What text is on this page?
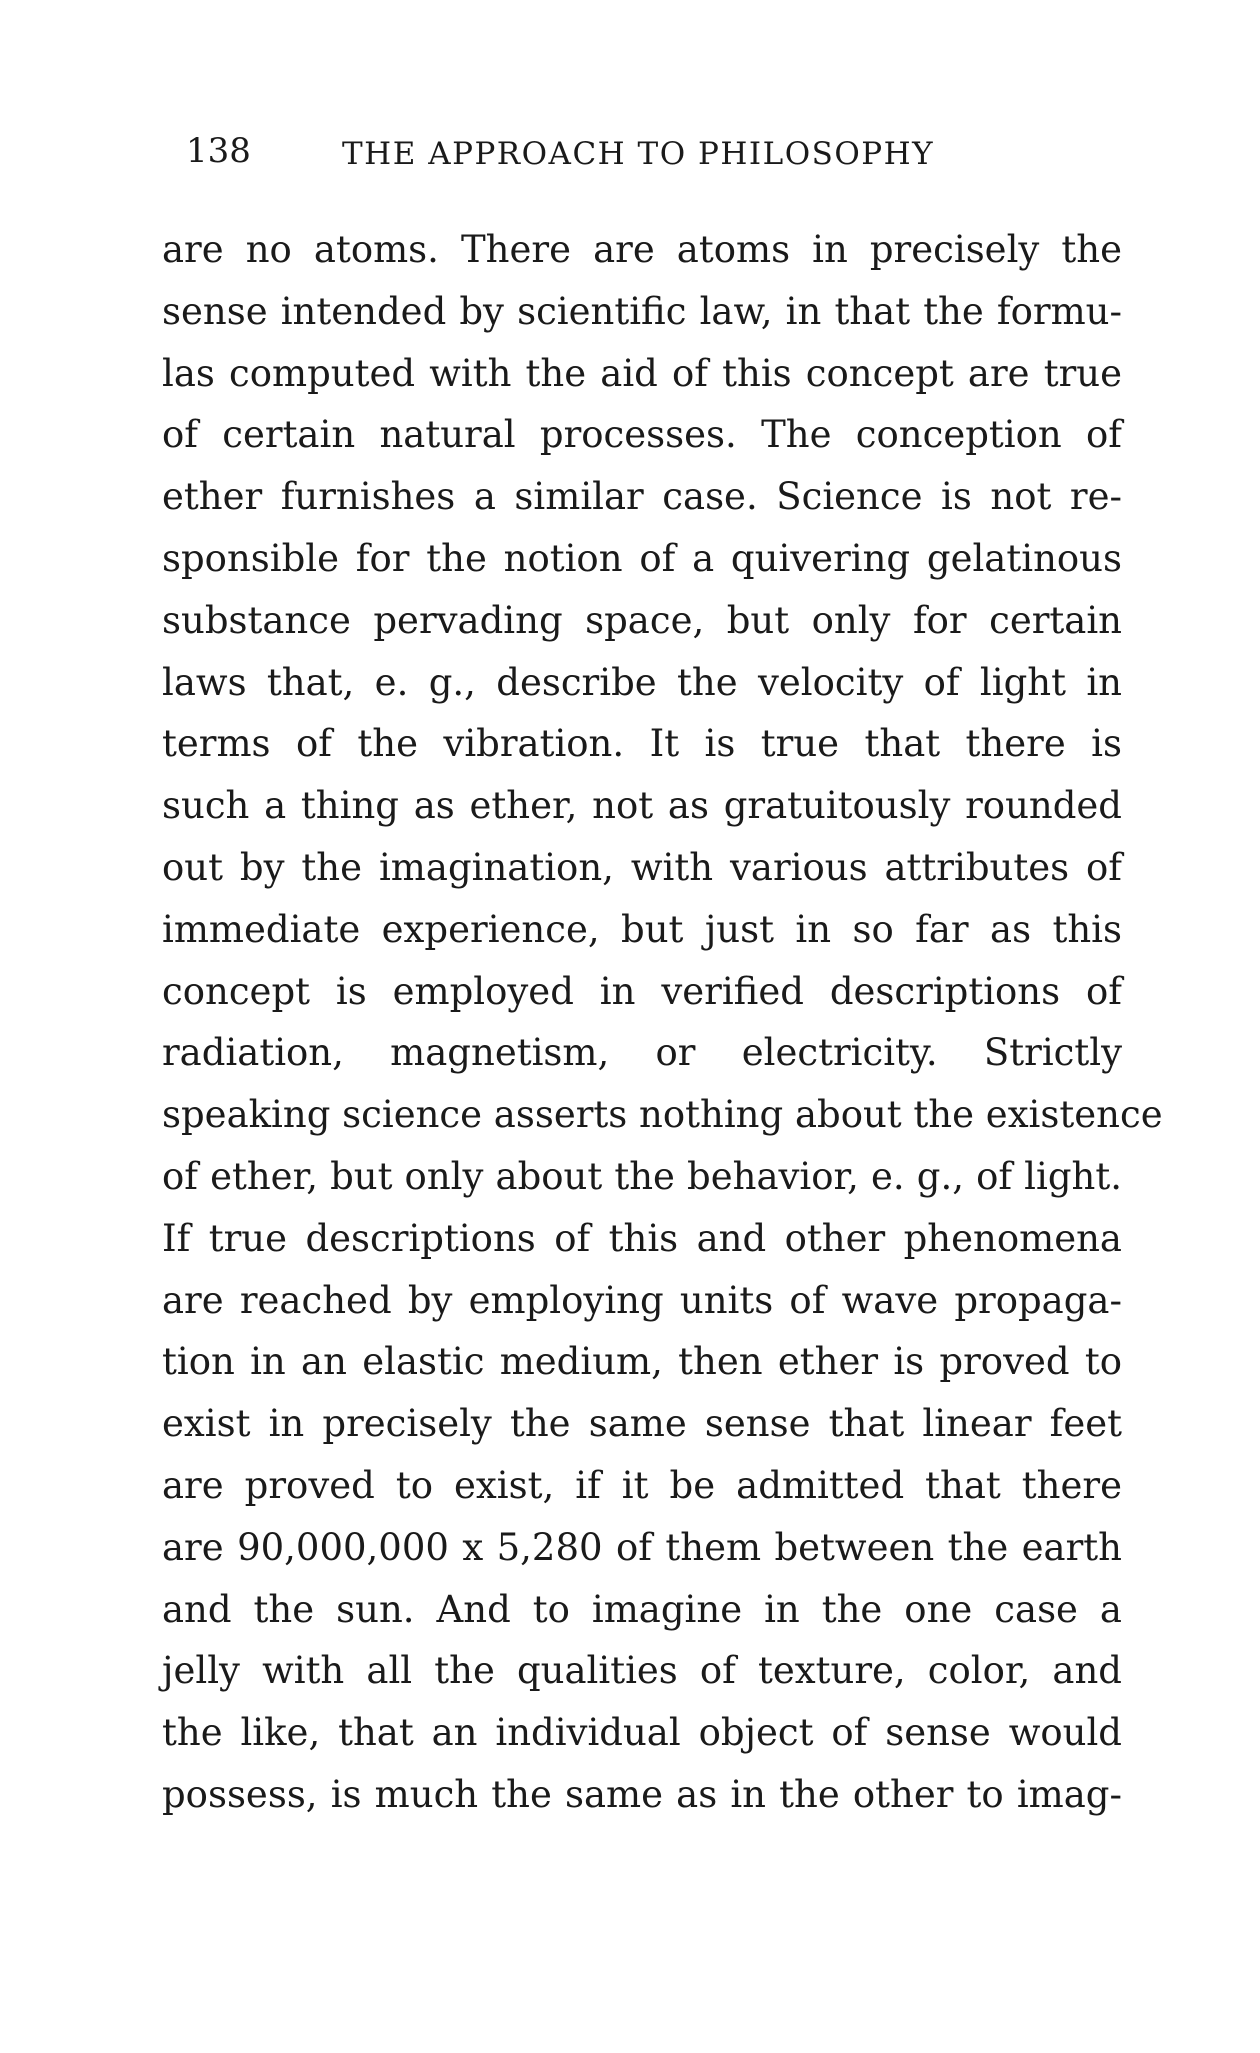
138	THE APPROACH TO PHILOSOPHY
are no atoms. There are atoms in precisely the
sense intended by scientific law, in that the formu-
las computed with the aid of this concept are true
of certain natural processes. The conception of
ether furnishes a similar case. Science is not re-
sponsible for the notion of a quivering gelatinous
substance pervading space, but only for certain
laws that, e. g., describe the velocity of light in
terms of the vibration. It is true that there is
such a thing as ether, not as gratuitously rounded
out by the imagination, with various attributes of
immediate experience, but just in so far as this
concept is employed in verified descriptions of
radiation, magnetism, or electricity. Strictly
speaking science asserts nothing about the existence
of ether, but only about the behavior, e. g., of light.
If true descriptions of this and other phenomena
are reached by employing units of wave propaga-
tion in an elastic medium, then ether is proved to
exist in precisely the same sense that linear feet
are proved to exist, if it be admitted that there
are 90,000,000 x 5,280 of them between the earth
and the sun. And to imagine in the one case a
jelly with all the qualities of texture, color, and
the like, that an individual object of sense would
possess, is much the same as in the other to imag-
